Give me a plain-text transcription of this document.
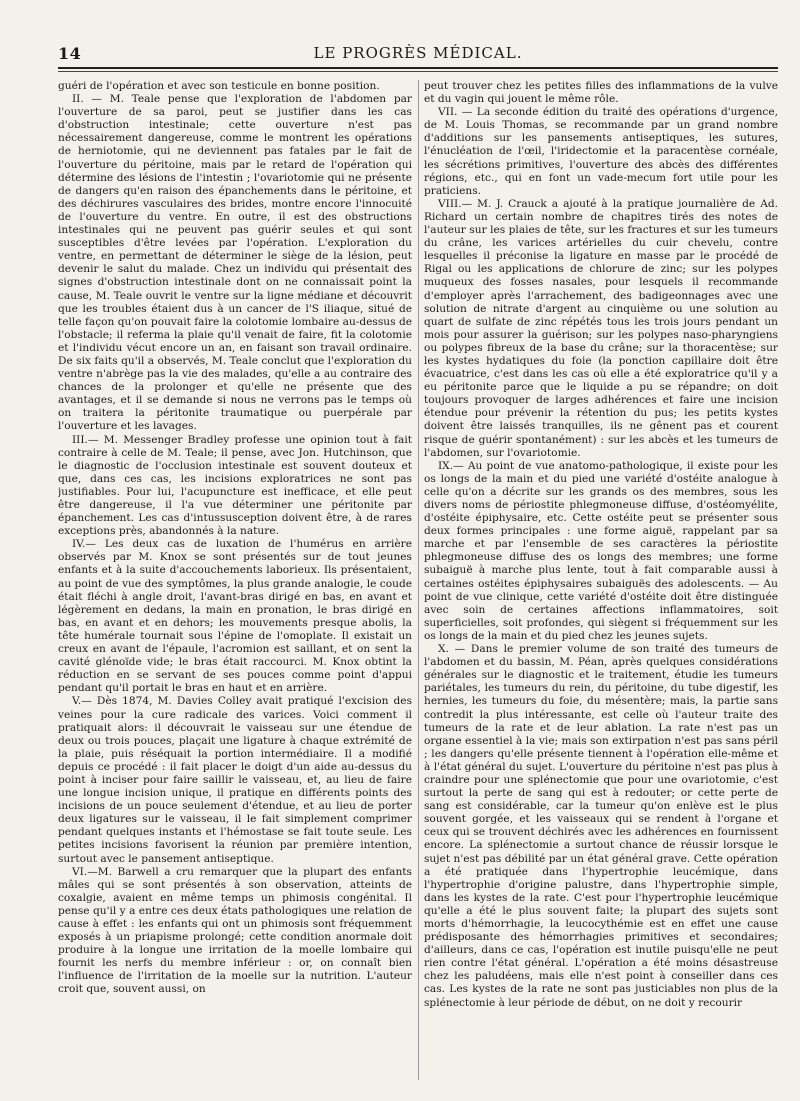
14	LE PROGRÈS MÉDICAL.

guéri de l'opération et avec son testicule en bonne position.

II. — M. Teale pense que l'exploration de l'abdomen par l'ouverture de sa paroi, peut se justifier dans les cas d'obstruction intestinale; cette ouverture n'est pas nécessairement dangereuse, comme le montrent les opérations de herniotomie, qui ne deviennent pas fatales par le fait de l'ouverture du péritoine, mais par le retard de l'opération qui détermine des lésions de l'intestin ; l'ovariotomie qui ne présente de dangers qu'en raison des épanchements dans le péritoine, et des déchirures vasculaires des brides, montre encore l'innocuité de l'ouverture du ventre. En outre, il est des obstructions intestinales qui ne peuvent pas guérir seules et qui sont susceptibles d'être levées par l'opération. L'exploration du ventre, en permettant de déterminer le siège de la lésion, peut devenir le salut du malade. Chez un individu qui présentait des signes d'obstruction intestinale dont on ne connaissait point la cause, M. Teale ouvrit le ventre sur la ligne médiane et découvrit que les troubles étaient dus à un cancer de l'S iliaque, situé de telle façon qu'on pouvait faire la colotomie lombaire au-dessus de l'obstacle; il referma la plaie qu'il venait de faire, fit la colotomie et l'individu vécut encore un an, en faisant son travail ordinaire. De six faits qu'il a observés, M. Teale conclut que l'exploration du ventre n'abrège pas la vie des malades, qu'elle a au contraire des chances de la prolonger et qu'elle ne présente que des avantages, et il se demande si nous ne verrons pas le temps où on traitera la péritonite traumatique ou puerpérale par l'ouverture et les lavages.

III.— M. Messenger Bradley professe une opinion tout à fait contraire à celle de M. Teale; il pense, avec Jon. Hutchinson, que le diagnostic de l'occlusion intestinale est souvent douteux et que, dans ces cas, les incisions exploratrices ne sont pas justifiables. Pour lui, l'acupuncture est inefficace, et elle peut être dangereuse, il l'a vue déterminer une péritonite par épanchement. Les cas d'intussusception doivent être, à de rares exceptions près, abandonnés à la nature.

IV.— Les deux cas de luxation de l'humérus en arrière observés par M. Knox se sont présentés sur de tout jeunes enfants et à la suite d'accouchements laborieux. Ils présentaient, au point de vue des symptômes, la plus grande analogie, le coude était fléchi à angle droit, l'avant-bras dirigé en bas, en avant et légèrement en dedans, la main en pronation, le bras dirigé en bas, en avant et en dehors; les mouvements presque abolis, la tête humérale tournait sous l'épine de l'omoplate. Il existait un creux en avant de l'épaule, l'acromion est saillant, et on sent la cavité glénoïde vide; le bras était raccourci. M. Knox obtint la réduction en se servant de ses pouces comme point d'appui pendant qu'il portait le bras en haut et en arrière.

V.— Dès 1874, M. Davies Colley avait pratiqué l'excision des veines pour la cure radicale des varices. Voici comment il pratiquait alors: il découvrait le vaisseau sur une étendue de deux ou trois pouces, plaçait une ligature à chaque extrémité de la plaie, puis réséquait la portion intermédiaire. Il a modifié depuis ce procédé : il fait placer le doigt d'un aide au-dessus du point à inciser pour faire saillir le vaisseau, et, au lieu de faire une longue incision unique, il pratique en différents points des incisions de un pouce seulement d'étendue, et au lieu de porter deux ligatures sur le vaisseau, il le fait simplement comprimer pendant quelques instants et l'hémostase se fait toute seule. Les petites incisions favorisent la réunion par première intention, surtout avec le pansement antiseptique.

VI.—M. Barwell a cru remarquer que la plupart des enfants mâles qui se sont présentés à son observation, atteints de coxalgie, avaient en même temps un phimosis congénital. Il pense qu'il y a entre ces deux états pathologiques une relation de cause à effet : les enfants qui ont un phimosis sont fréquemment exposés à un priapisme prolongé; cette condition anormale doit produire à la longue une irritation de la moelle lombaire qui fournit les nerfs du membre inférieur : or, on connaît bien l'influence de l'irritation de la moelle sur la nutrition. L'auteur croit que, souvent aussi, on

peut trouver chez les petites filles des inflammations de la vulve et du vagin qui jouent le même rôle.

VII. — La seconde édition du traité des opérations d'urgence, de M. Louis Thomas, se recommande par un grand nombre d'additions sur les pansements antiseptiques, les sutures, l'énucléation de l'œil, l'iridectomie et la paracentèse cornéale, les sécrétions primitives, l'ouverture des abcès des différentes régions, etc., qui en font un vade-mecum fort utile pour les praticiens.

VIII.— M. J. Crauck a ajouté à la pratique journalière de Ad. Richard un certain nombre de chapitres tirés des notes de l'auteur sur les plaies de tête, sur les fractures et sur les tumeurs du crâne, les varices artérielles du cuir chevelu, contre lesquelles il préconise la ligature en masse par le procédé de Rigal ou les applications de chlorure de zinc; sur les polypes muqueux des fosses nasales, pour lesquels il recommande d'employer après l'arrachement, des badigeonnages avec une solution de nitrate d'argent au cinquième ou une solution au quart de sulfate de zinc répétés tous les trois jours pendant un mois pour assurer la guérison; sur les polypes naso-pharyngiens ou polypes fibreux de la base du crâne; sur la thoracentèse; sur les kystes hydatiques du foie (la ponction capillaire doit être évacuatrice, c'est dans les cas où elle a été exploratrice qu'il y a eu péritonite parce que le liquide a pu se répandre; on doit toujours provoquer de larges adhérences et faire une incision étendue pour prévenir la rétention du pus; les petits kystes doivent être laissés tranquilles, ils ne gênent pas et courent risque de guérir spontanément) : sur les abcès et les tumeurs de l'abdomen, sur l'ovariotomie.

IX.— Au point de vue anatomo-pathologique, il existe pour les os longs de la main et du pied une variété d'ostéite analogue à celle qu'on a décrite sur les grands os des membres, sous les divers noms de périostite phlegmoneuse diffuse, d'ostéomyélite, d'ostéite épiphysaire, etc. Cette ostéite peut se présenter sous deux formes principales : une forme aiguë, rappelant par sa marche et par l'ensemble de ses caractères la périostite phlegmoneuse diffuse des os longs des membres; une forme subaiguë à marche plus lente, tout à fait comparable aussi à certaines ostéites épiphysaires subaiguës des adolescents. — Au point de vue clinique, cette variété d'ostéite doit être distinguée avec soin de certaines affections inflammatoires, soit superficielles, soit profondes, qui siègent si fréquemment sur les os longs de la main et du pied chez les jeunes sujets.

X. — Dans le premier volume de son traité des tumeurs de l'abdomen et du bassin, M. Péan, après quelques considérations générales sur le diagnostic et le traitement, étudie les tumeurs pariétales, les tumeurs du rein, du péritoine, du tube digestif, les hernies, les tumeurs du foie, du mésentère; mais, la partie sans contredit la plus intéressante, est celle où l'auteur traite des tumeurs de la rate et de leur ablation. La rate n'est pas un organe essentiel à la vie; mais son extirpation n'est pas sans péril ; les dangers qu'elle présente tiennent à l'opération elle-même et à l'état général du sujet. L'ouverture du péritoine n'est pas plus à craindre pour une splénectomie que pour une ovariotomie, c'est surtout la perte de sang qui est à redouter; or cette perte de sang est considérable, car la tumeur qu'on enlève est le plus souvent gorgée, et les vaisseaux qui se rendent à l'organe et ceux qui se trouvent déchirés avec les adhérences en fournissent encore. La splénectomie a surtout chance de réussir lorsque le sujet n'est pas débilité par un état général grave. Cette opération a été pratiquée dans l'hypertrophie leucémique, dans l'hypertrophie d'origine palustre, dans l'hypertrophie simple, dans les kystes de la rate. C'est pour l'hypertrophie leucémique qu'elle a été le plus souvent faite; la plupart des sujets sont morts d'hémorrhagie, la leucocythémie est en effet une cause prédisposante des hémorrhagies primitives et secondaires; d'ailleurs, dans ce cas, l'opération est inutile puisqu'elle ne peut rien contre l'état général. L'opération a été moins désastreuse chez les paludéens, mais elle n'est point à conseiller dans ces cas. Les kystes de la rate ne sont pas justiciables non plus de la splénectomie à leur période de début, on ne doit y recourir
